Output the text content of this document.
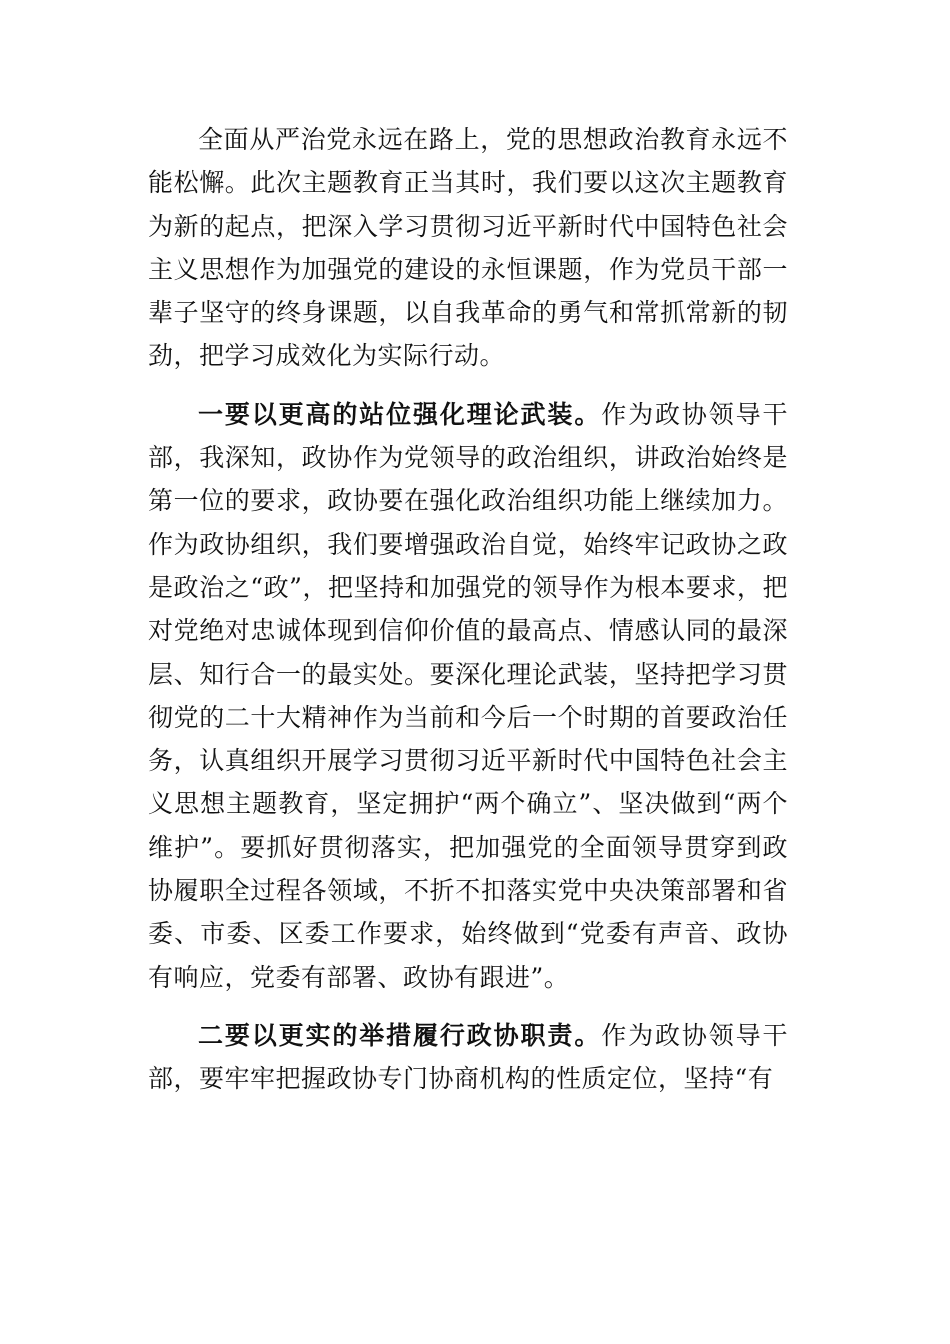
全面从严治党永远在路上，党的思想政治教育永远不能松懈。此次主题教育正当其时，我们要以这次主题教育为新的起点，把深入学习贯彻习近平新时代中国特色社会主义思想作为加强党的建设的永恒课题，作为党员干部一辈子坚守的终身课题，以自我革命的勇气和常抓常新的韧劲，把学习成效化为实际行动。

一要以更高的站位强化理论武装。作为政协领导干部，我深知，政协作为党领导的政治组织，讲政治始终是第一位的要求，政协要在强化政治组织功能上继续加力。作为政协组织，我们要增强政治自觉，始终牢记政协之政是政治之“政”，把坚持和加强党的领导作为根本要求，把对党绝对忠诚体现到信仰价值的最高点、情感认同的最深层、知行合一的最实处。要深化理论武装，坚持把学习贯彻党的二十大精神作为当前和今后一个时期的首要政治任务，认真组织开展学习贯彻习近平新时代中国特色社会主义思想主题教育，坚定拥护“两个确立”、坚决做到“两个维护”。要抓好贯彻落实，把加强党的全面领导贯穿到政协履职全过程各领域，不折不扣落实党中央决策部署和省委、市委、区委工作要求，始终做到“党委有声音、政协有响应，党委有部署、政协有跟进”。

二要以更实的举措履行政协职责。作为政协领导干部，要牢牢把握政协专门协商机构的性质定位，坚持“有
